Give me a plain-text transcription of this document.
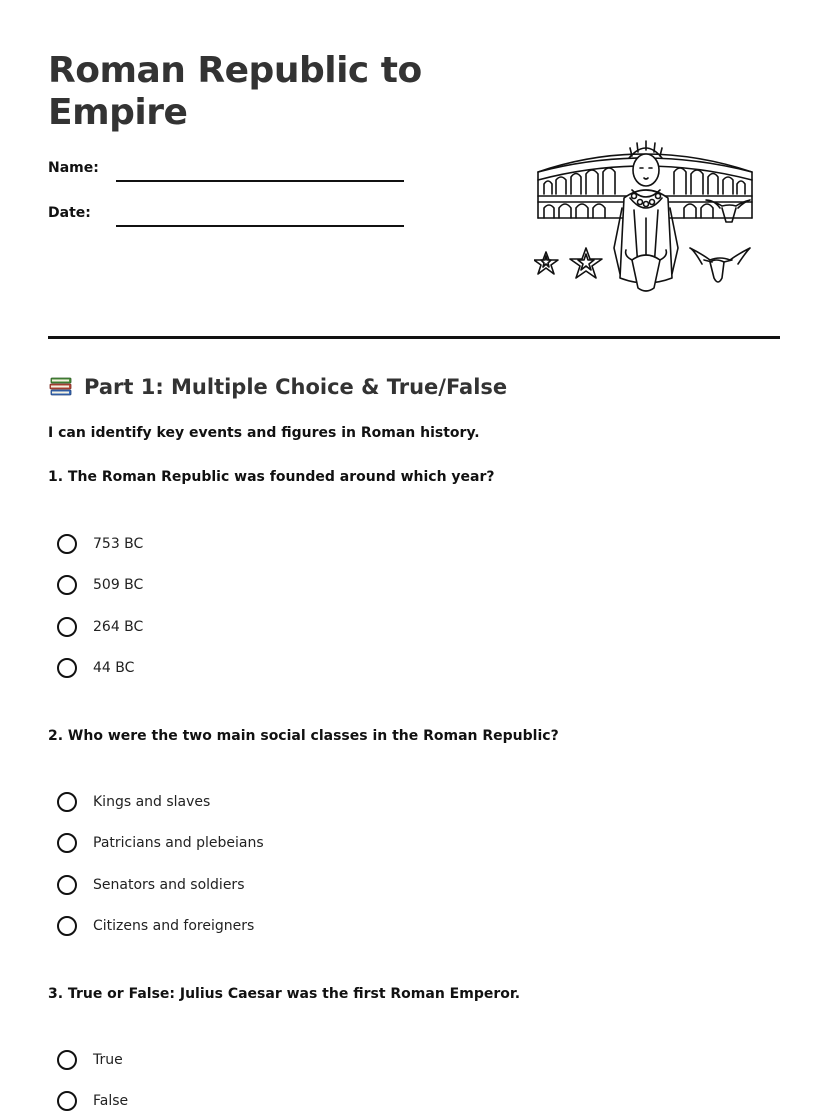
Roman Republic to Empire
Name:
Date:
Part 1: Multiple Choice & True/False
I can identify key events and figures in Roman history.

1. The Roman Republic was founded around which year?

753 BC
509 BC
264 BC
44 BC

2. Who were the two main social classes in the Roman Republic?

Kings and slaves
Patricians and plebeians
Senators and soldiers
Citizens and foreigners

3. True or False: Julius Caesar was the first Roman Emperor.

True
False
